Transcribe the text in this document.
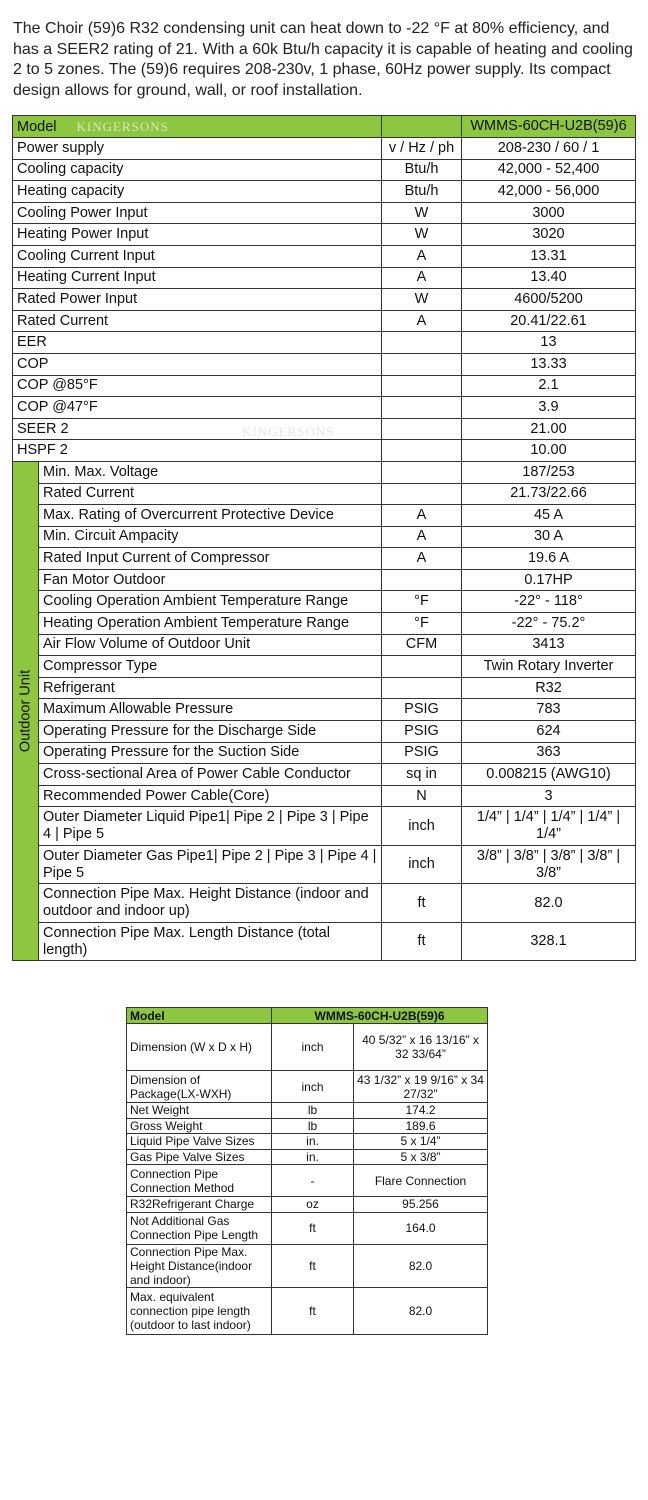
The Choir (59)6 R32 condensing unit can heat down to -22 °F at 80% efficiency, and has a SEER2 rating of 21. With a 60k Btu/h capacity it is capable of heating and cooling 2 to 5 zones. The (59)6 requires 208-230v, 1 phase, 60Hz power supply. Its compact design allows for ground, wall, or roof installation.

Model KINGERSONS			WMMS-60CH-U2B(59)6
Power supply		v / Hz / ph	208-230 / 60 / 1
Cooling capacity		Btu/h	42,000 - 52,400
Heating capacity		Btu/h	42,000 - 56,000
Cooling Power Input		W	3000
Heating Power Input		W	3020
Cooling Current Input		A	13.31
Heating Current Input		A	13.40
Rated Power Input		W	4600/5200
Rated Current		A	20.41/22.61
EER			13
COP			13.33
COP @85°F			2.1
COP @47°F			3.9
SEER 2			21.00
HSPF 2			10.00

Outdoor Unit	Min. Max. Voltage		187/253
	Rated Current		21.73/22.66
	Max. Rating of Overcurrent Protective Device	A	45 A
	Min. Circuit Ampacity	A	30 A
	Rated Input Current of Compressor	A	19.6 A
	Fan Motor Outdoor		0.17HP
	Cooling Operation Ambient Temperature Range	°F	-22° - 118°
	Heating Operation Ambient Temperature Range	°F	-22° - 75.2°
	Air Flow Volume of Outdoor Unit	CFM	3413
	Compressor Type		Twin Rotary Inverter
	Refrigerant		R32
	Maximum Allowable Pressure	PSIG	783
	Operating Pressure for the Discharge Side	PSIG	624
	Operating Pressure for the Suction Side	PSIG	363
	Cross-sectional Area of Power Cable Conductor	sq in	0.008215 (AWG10)
	Recommended Power Cable(Core)	N	3
	Outer Diameter Liquid Pipe1| Pipe 2 | Pipe 3 | Pipe 4 | Pipe 5	inch	1/4” | 1/4” | 1/4” | 1/4” | 1/4”
	Outer Diameter Gas Pipe1| Pipe 2 | Pipe 3 | Pipe 4 | Pipe 5	inch	3/8” | 3/8” | 3/8” | 3/8” | 3/8”
	Connection Pipe Max. Height Distance (indoor and outdoor and indoor up)	ft	82.0
	Connection Pipe Max. Length Distance (total length)	ft	328.1
KINGERSONS
Model	WMMS-60CH-U2B(59)6	
Dimension (W x D x H)	inch	40 5/32” x 16 13/16” x 32 33/64”
Dimension of Package(LX-WXH)	inch	43 1/32” x 19 9/16” x 34 27/32”
Net Weight	lb	174.2
Gross Weight	lb	189.6
Liquid Pipe Valve Sizes	in.	5 x 1/4”
Gas Pipe Valve Sizes	in.	5 x 3/8”
Connection Pipe Connection Method	-	Flare Connection
R32Refrigerant Charge	oz	95.256
Not Additional Gas Connection Pipe Length	ft	164.0
Connection Pipe Max. Height Distance(indoor and indoor)	ft	82.0
Max. equivalent connection pipe length (outdoor to last indoor)	ft	82.0
